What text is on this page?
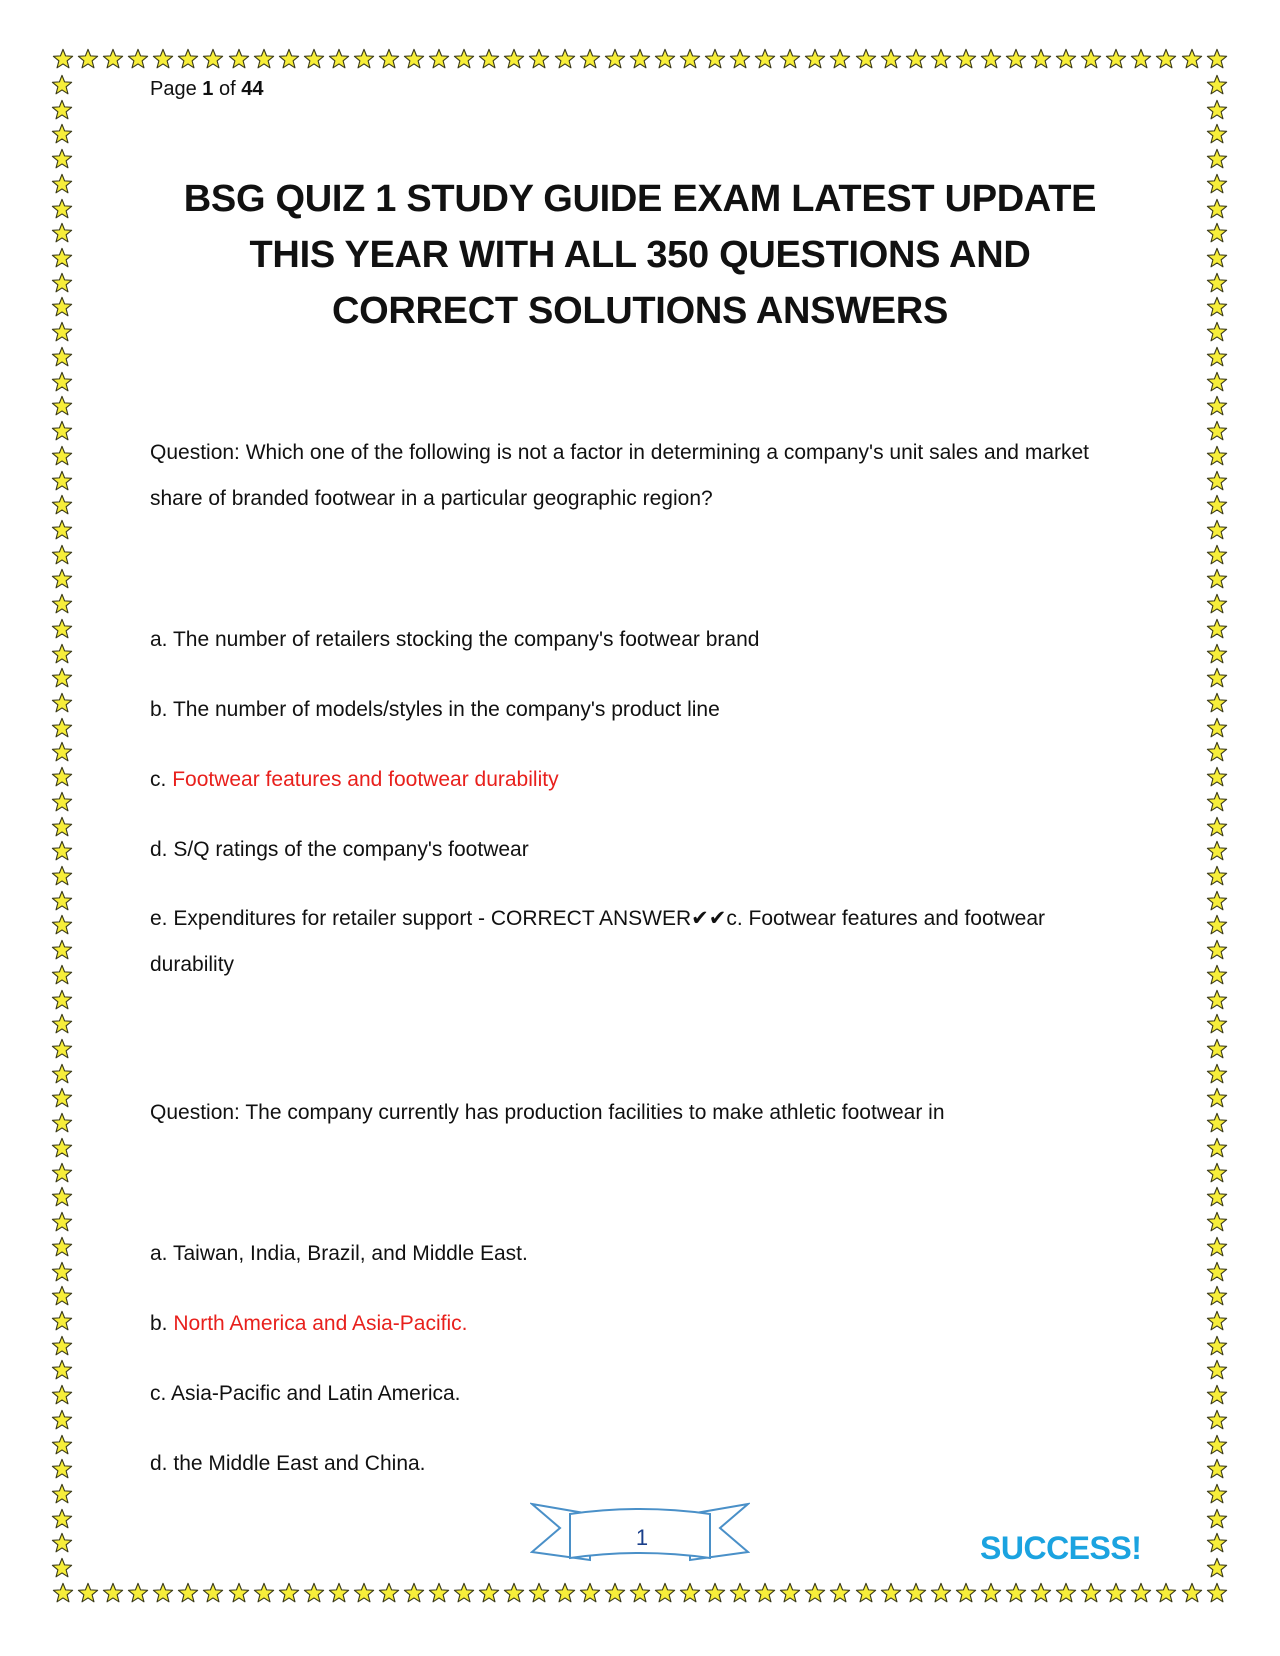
Page 1 of 44
BSG QUIZ 1 STUDY GUIDE EXAM LATEST UPDATE
THIS YEAR WITH ALL 350 QUESTIONS AND
CORRECT SOLUTIONS ANSWERS
Question: Which one of the following is not a factor in determining a company's unit sales and market share of branded footwear in a particular geographic region?
a. The number of retailers stocking the company's footwear brand
b. The number of models/styles in the company's product line
c. Footwear features and footwear durability
d. S/Q ratings of the company's footwear
e. Expenditures for retailer support - CORRECT ANSWER✔✔c. Footwear features and footwear durability
Question: The company currently has production facilities to make athletic footwear in
a. Taiwan, India, Brazil, and Middle East.
b. North America and Asia-Pacific.
c. Asia-Pacific and Latin America.
d. the Middle East and China.
1	SUCCESS!
